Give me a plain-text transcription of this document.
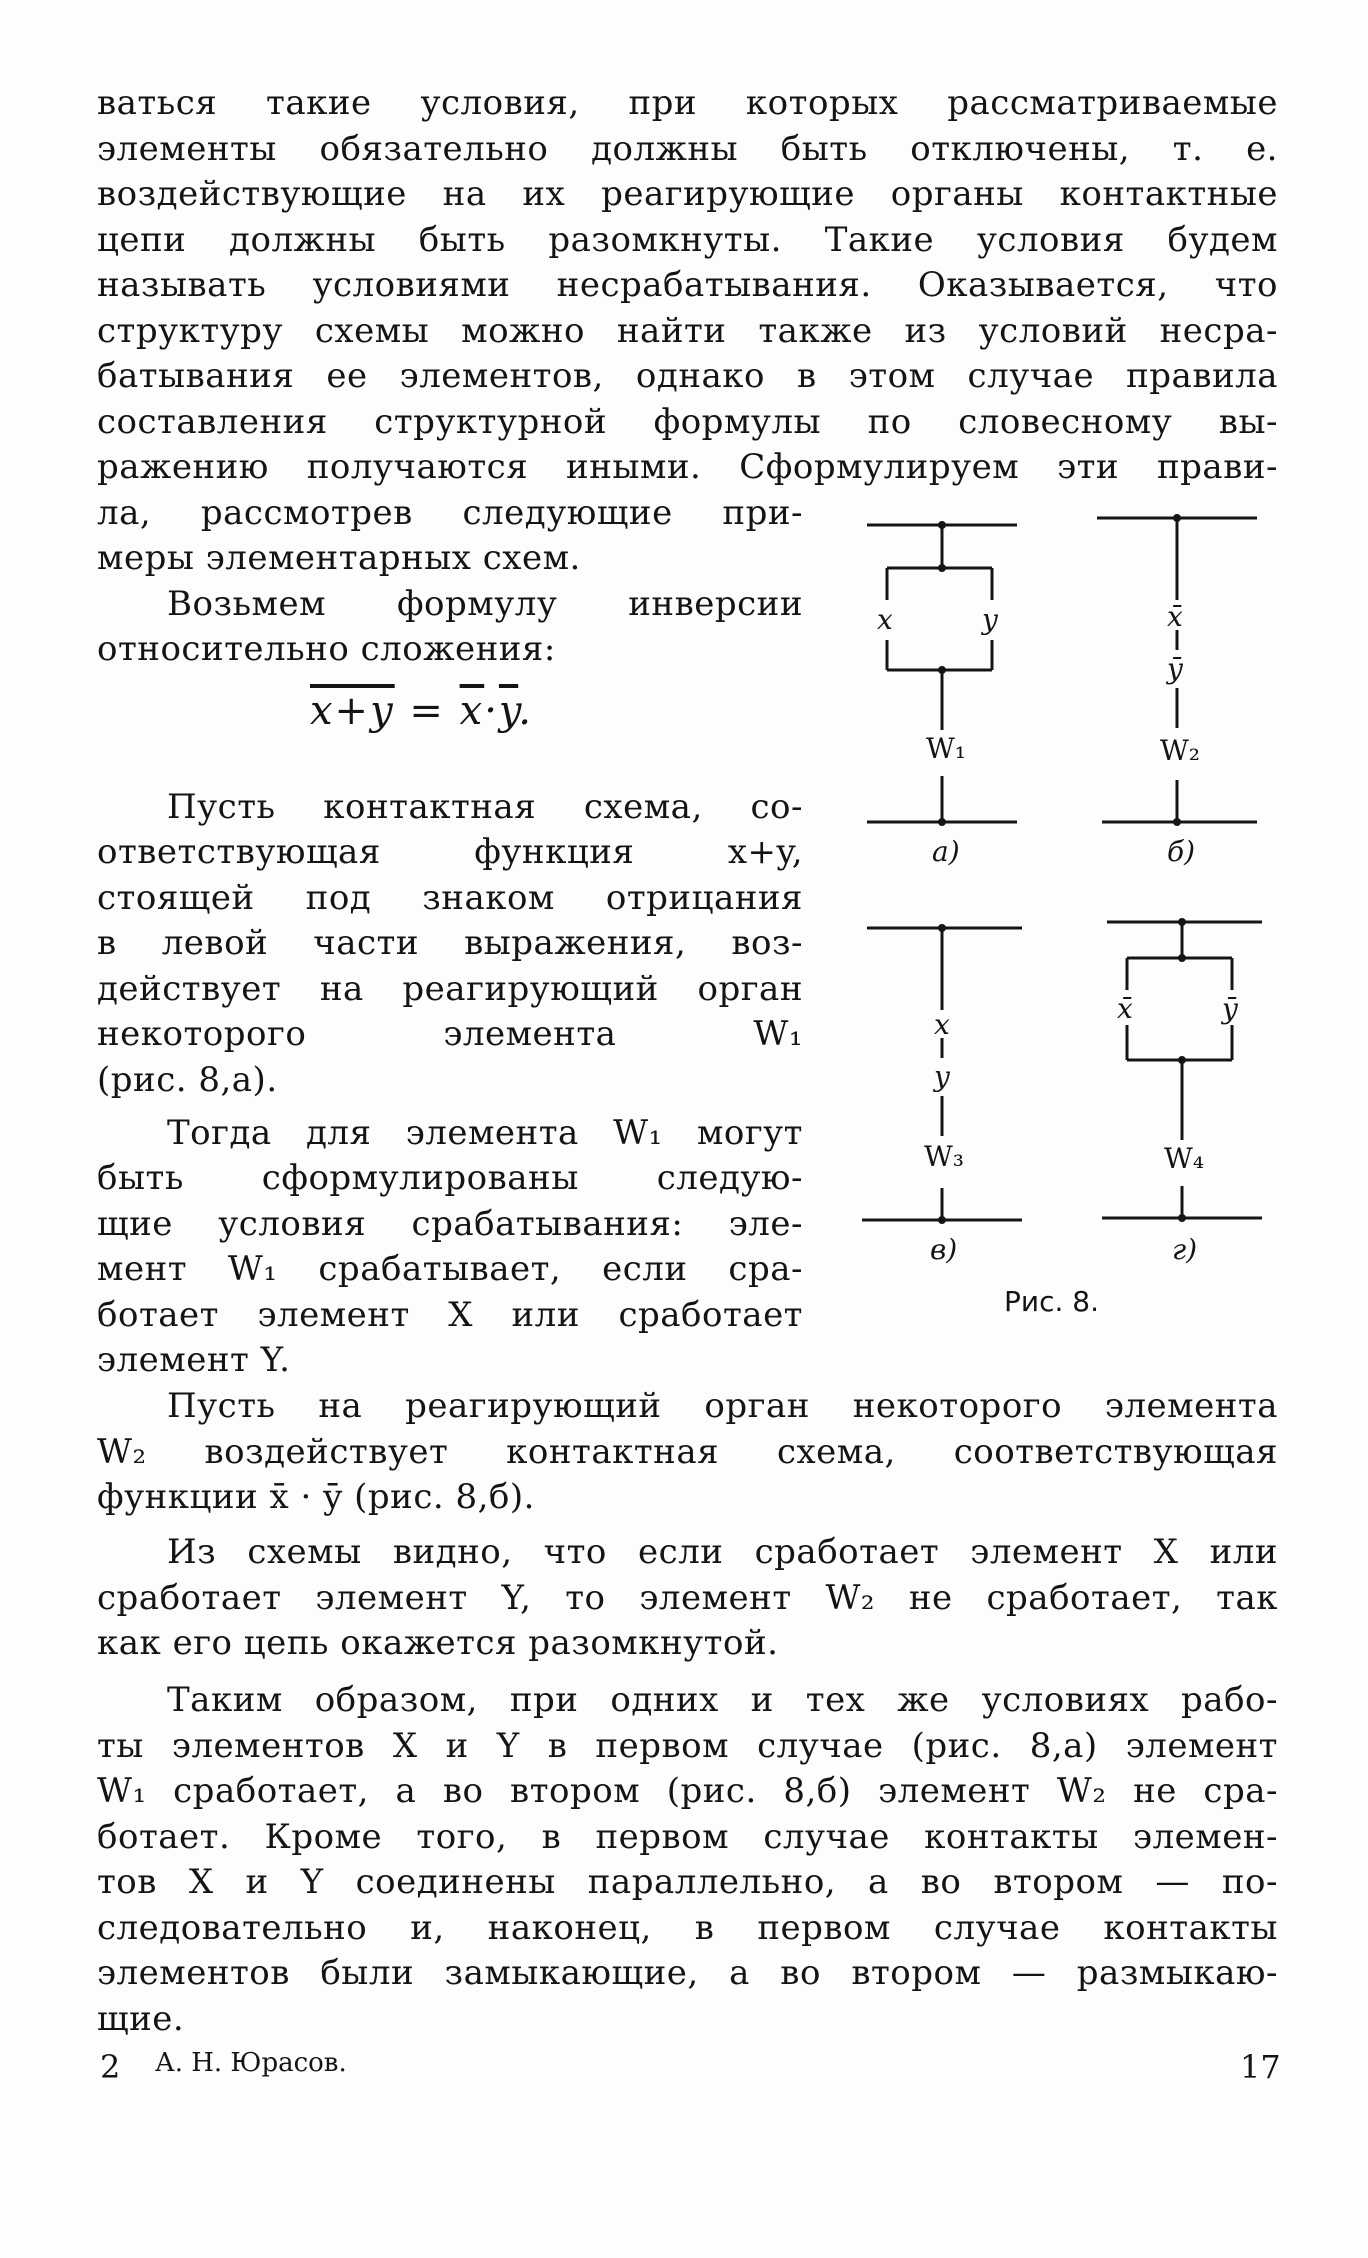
ваться такие условия, при которых рассматриваемые
элементы обязательно должны быть отключены, т. е.
воздействующие на их реагирующие органы контактные
цепи должны быть разомкнуты. Такие условия будем
называть условиями несрабатывания. Оказывается, что
структуру схемы можно найти также из условий несра-
батывания ее элементов, однако в этом случае правила
составления структурной формулы по словесному вы-
ражению получаются иными. Сформулируем эти прави-
ла, рассмотрев следующие при-
меры элементарных схем.
Возьмем формулу инверсии
относительно сложения:
$x+y = \overline{x}\cdot\overline{y}$.
Пусть контактная схема, со-
ответствующая функция x+y,
стоящей под знаком отрицания
в левой части выражения, воз-
действует на реагирующий орган
некоторого элемента W₁
(рис. 8,а).
Тогда для элемента W₁ могут
быть сформулированы следую-
щие условия срабатывания: эле-
мент W₁ срабатывает, если сра-
ботает элемент X или сработает
элемент Y.
x	y
W₁
а)
x̄
ȳ
W₂
б)
x
y
W₃
в)
x̄	ȳ
W₄
г)
Рис. 8.
Пусть на реагирующий орган некоторого элемента
W₂ воздействует контактная схема, соответствующая
функции x̄ · ȳ (рис. 8,б).
Из схемы видно, что если сработает элемент X или
сработает элемент Y, то элемент W₂ не сработает, так
как его цепь окажется разомкнутой.
Таким образом, при одних и тех же условиях рабо-
ты элементов X и Y в первом случае (рис. 8,а) элемент
W₁ сработает, а во втором (рис. 8,б) элемент W₂ не сра-
ботает. Кроме того, в первом случае контакты элемен-
тов X и Y соединены параллельно, а во втором — по-
следовательно и, наконец, в первом случае контакты
элементов были замыкающие, а во втором — размыкаю-
щие.
2 А. Н. Юрасов.	17
